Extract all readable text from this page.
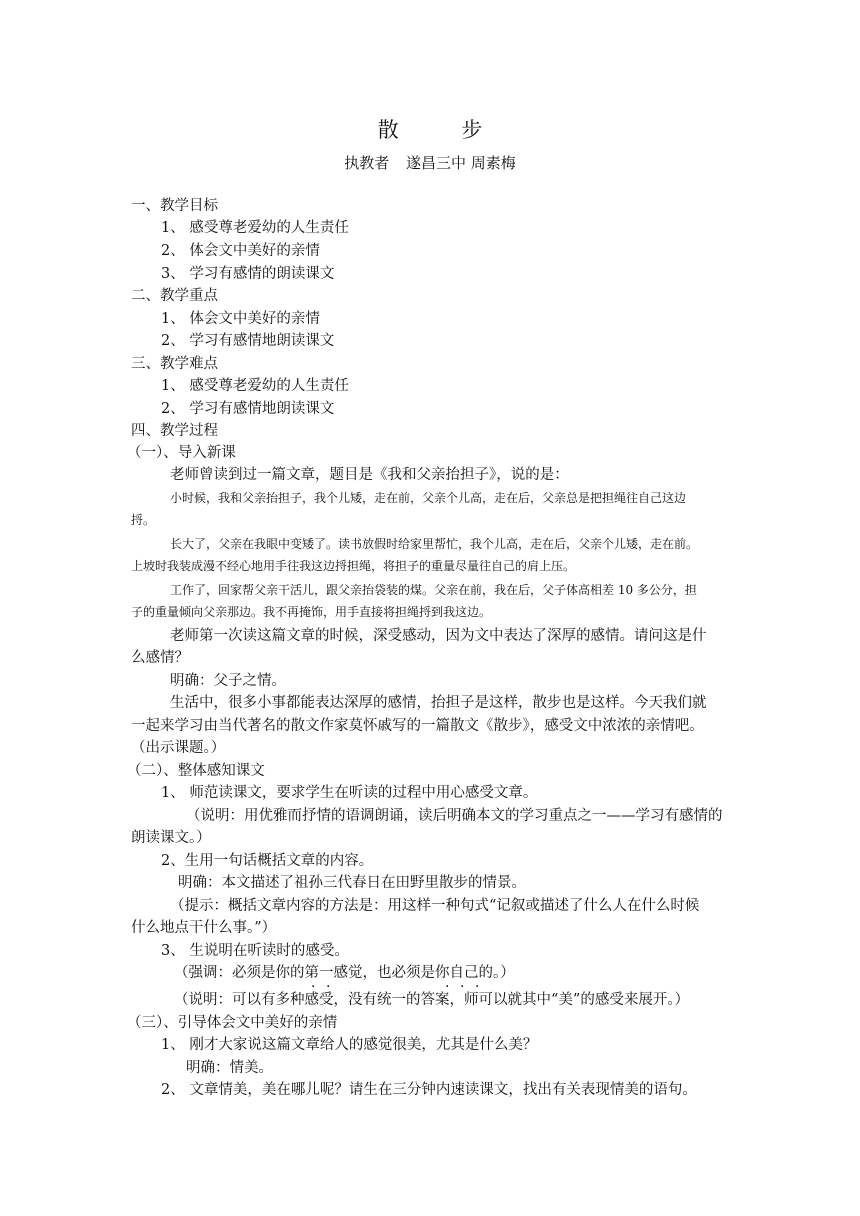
散 步
执教者 遂昌三中 周素梅
一、教学目标
1、 感受尊老爱幼的人生责任
2、 体会文中美好的亲情
3、 学习有感情的朗读课文
二、教学重点
1、 体会文中美好的亲情
2、 学习有感情地朗读课文
三、教学难点
1、 感受尊老爱幼的人生责任
2、 学习有感情地朗读课文
四、教学过程
（一）、导入新课
老师曾读到过一篇文章，题目是《我和父亲抬担子》，说的是：
小时候，我和父亲抬担子，我个儿矮，走在前，父亲个儿高，走在后，父亲总是把担绳往自己这边
捋。
长大了，父亲在我眼中变矮了。读书放假时给家里帮忙，我个儿高，走在后，父亲个儿矮，走在前。
上坡时我装成漫不经心地用手往我这边捋担绳，将担子的重量尽量往自己的肩上压。
工作了，回家帮父亲干活儿，跟父亲抬袋装的煤。父亲在前，我在后，父子体高相差 10 多公分，担
子的重量倾向父亲那边。我不再掩饰，用手直接将担绳捋到我这边。
老师第一次读这篇文章的时候，深受感动，因为文中表达了深厚的感情。请问这是什
么感情？
明确：父子之情。
生活中，很多小事都能表达深厚的感情，抬担子是这样，散步也是这样。今天我们就
一起来学习由当代著名的散文作家莫怀戚写的一篇散文《散步》，感受文中浓浓的亲情吧。
（出示课题。）
（二）、整体感知课文
1、 师范读课文，要求学生在听读的过程中用心感受文章。
（说明：用优雅而抒情的语调朗诵，读后明确本文的学习重点之一——学习有感情的
朗读课文。）
2、生用一句话概括文章的内容。
明确：本文描述了祖孙三代春日在田野里散步的情景。
（提示：概括文章内容的方法是：用这样一种句式“记叙或描述了什么人在什么时候
什么地点干什么事。”）
3、 生说明在听读时的感受。
（强调：必须是你的第一感觉，也必须是你自己的。）
（说明：可以有多种感受，没有统一的答案，师可以就其中“美”的感受来展开。）
（三）、引导体会文中美好的亲情
1、 刚才大家说这篇文章给人的感觉很美，尤其是什么美？
明确：情美。
2、 文章情美，美在哪儿呢？请生在三分钟内速读课文，找出有关表现情美的语句。
· ·	· · ·
